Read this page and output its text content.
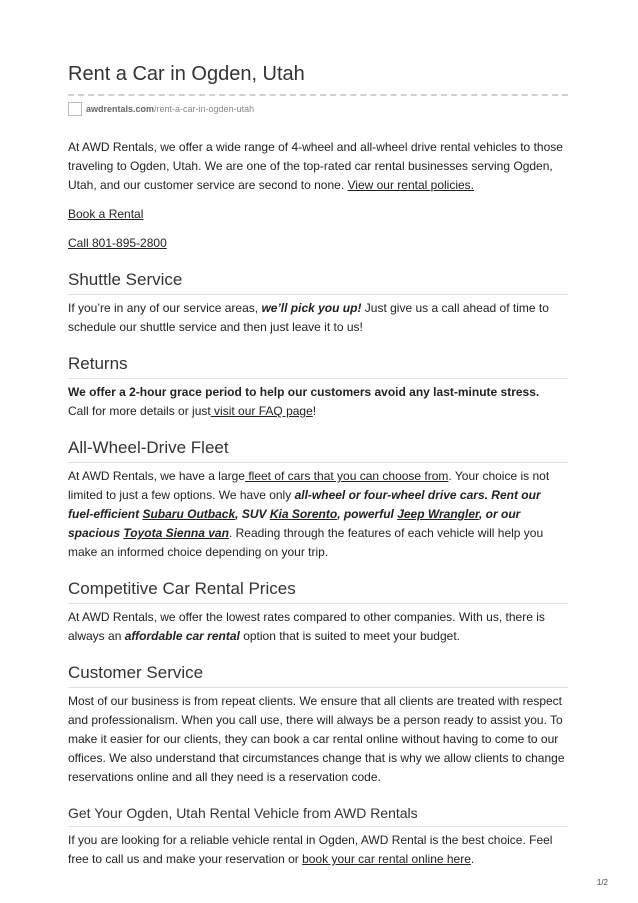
Rent a Car in Ogden, Utah
awdrentals.com /rent-a-car-in-ogden-utah

At AWD Rentals, we offer a wide range of 4-wheel and all-wheel drive rental vehicles to those traveling to Ogden, Utah. We are one of the top-rated car rental businesses serving Ogden, Utah, and our customer service are second to none. View our rental policies.

Book a Rental

Call 801-895-2800

Shuttle Service

If you’re in any of our service areas, we’ll pick you up! Just give us a call ahead of time to schedule our shuttle service and then just leave it to us!

Returns

We offer a 2-hour grace period to help our customers avoid any last-minute stress.
Call for more details or just visit our FAQ page!

All-Wheel-Drive Fleet

At AWD Rentals, we have a large fleet of cars that you can choose from. Your choice is not limited to just a few options. We have only all-wheel or four-wheel drive cars. Rent our fuel-efficient Subaru Outback, SUV Kia Sorento, powerful Jeep Wrangler, or our spacious Toyota Sienna van. Reading through the features of each vehicle will help you make an informed choice depending on your trip.

Competitive Car Rental Prices

At AWD Rentals, we offer the lowest rates compared to other companies. With us, there is always an affordable car rental option that is suited to meet your budget.

Customer Service

Most of our business is from repeat clients. We ensure that all clients are treated with respect and professionalism. When you call use, there will always be a person ready to assist you. To make it easier for our clients, they can book a car rental online without having to come to our offices. We also understand that circumstances change that is why we allow clients to change reservations online and all they need is a reservation code.

Get Your Ogden, Utah Rental Vehicle from AWD Rentals

If you are looking for a reliable vehicle rental in Ogden, AWD Rental is the best choice. Feel free to call us and make your reservation or book your car rental online here.

1/2
